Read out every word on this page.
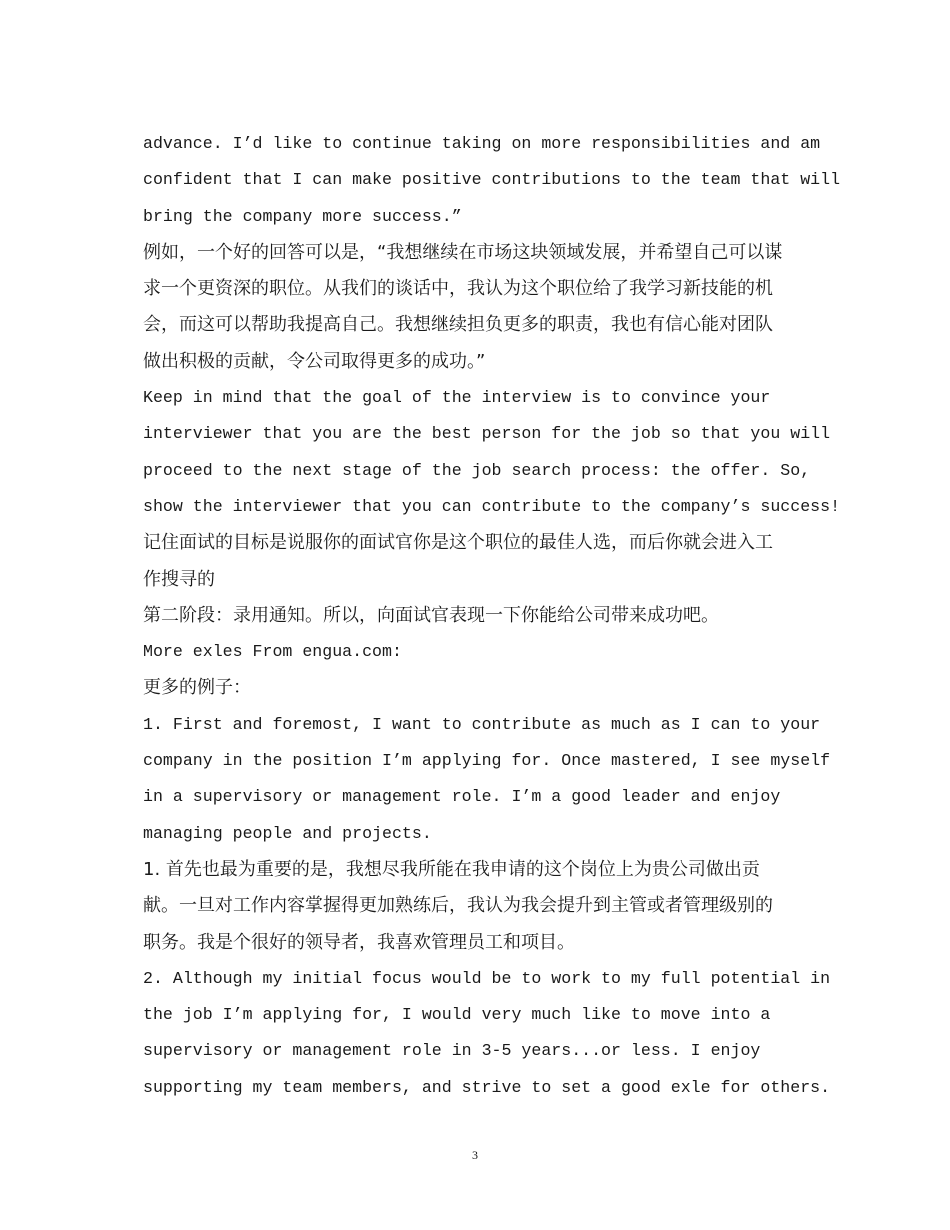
advance. I’d like to continue taking on more responsibilities and am
confident that I can make positive contributions to the team that will
bring the company more success.”
例如，一个好的回答可以是，“我想继续在市场这块领域发展，并希望自己可以谋
求一个更资深的职位。从我们的谈话中，我认为这个职位给了我学习新技能的机
会，而这可以帮助我提高自己。我想继续担负更多的职责，我也有信心能对团队
做出积极的贡献，令公司取得更多的成功。”
Keep in mind that the goal of the interview is to convince your
interviewer that you are the best person for the job so that you will
proceed to the next stage of the job search process: the offer. So,
show the interviewer that you can contribute to the company’s success!
记住面试的目标是说服你的面试官你是这个职位的最佳人选，而后你就会进入工
作搜寻的
第二阶段：录用通知。所以，向面试官表现一下你能给公司带来成功吧。
More exles From engua.com:
更多的例子：
1. First and foremost, I want to contribute as much as I can to your
company in the position I’m applying for. Once mastered, I see myself
in a supervisory or management role. I’m a good leader and enjoy
managing people and projects.
1. 首先也最为重要的是，我想尽我所能在我申请的这个岗位上为贵公司做出贡
献。一旦对工作内容掌握得更加熟练后，我认为我会提升到主管或者管理级别的
职务。我是个很好的领导者，我喜欢管理员工和项目。
2. Although my initial focus would be to work to my full potential in
the job I’m applying for, I would very much like to move into a
supervisory or management role in 3-5 years...or less. I enjoy
supporting my team members, and strive to set a good exle for others.
3
